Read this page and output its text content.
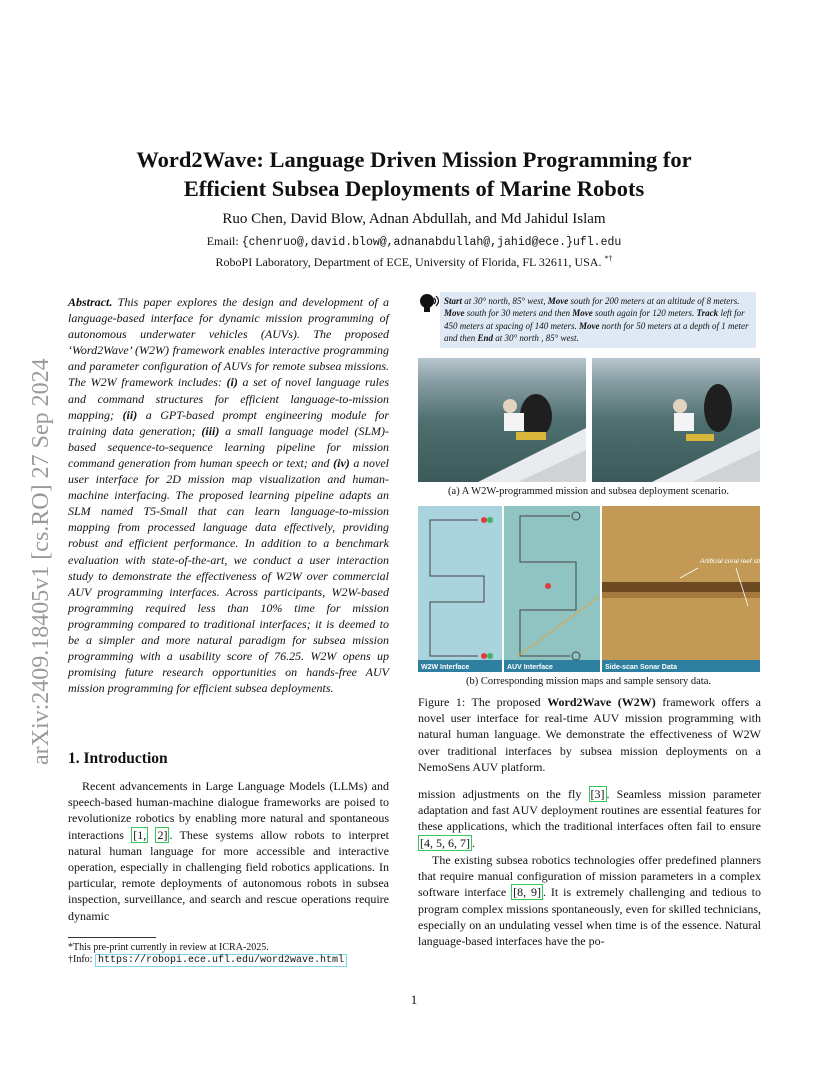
arXiv:2409.18405v1 [cs.RO] 27 Sep 2024
Word2Wave: Language Driven Mission Programming for
Efficient Subsea Deployments of Marine Robots
Ruo Chen, David Blow, Adnan Abdullah, and Md Jahidul Islam
Email: {chenruo@,david.blow@,adnanabdullah@,jahid@ece.}ufl.edu
RoboPI Laboratory, Department of ECE, University of Florida, FL 32611, USA. *†
Abstract. This paper explores the design and development of a language-based interface for dynamic mission programming of autonomous underwater vehicles (AUVs). The proposed ‘Word2Wave’ (W2W) framework enables interactive programming and parameter configuration of AUVs for remote subsea missions. The W2W framework includes: (i) a set of novel language rules and command structures for efficient language-to-mission mapping; (ii) a GPT-based prompt engineering module for training data generation; (iii) a small language model (SLM)-based sequence-to-sequence learning pipeline for mission command generation from human speech or text; and (iv) a novel user interface for 2D mission map visualization and human-machine interfacing. The proposed learning pipeline adapts an SLM named T5-Small that can learn language-to-mission mapping from processed language data effectively, providing robust and efficient performance. In addition to a benchmark evaluation with state-of-the-art, we conduct a user interaction study to demonstrate the effectiveness of W2W over commercial AUV programming interfaces. Across participants, W2W-based programming required less than 10% time for mission programming compared to traditional interfaces; it is deemed to be a simpler and more natural paradigm for subsea mission programming with a usability score of 76.25. W2W opens up promising future research opportunities on hands-free AUV mission programming for efficient subsea deployments.
1. Introduction
Recent advancements in Large Language Models (LLMs) and speech-based human-machine dialogue frameworks are poised to revolutionize robotics by enabling more natural and spontaneous interactions [1, 2] . These systems allow robots to interpret natural human language for more accessible and interactive operation, especially in challenging field robotics applications. In particular, remote deployments of autonomous robots in subsea inspection, surveillance, and search and rescue operations require dynamic
*This pre-print currently in review at ICRA-2025.
†Info: https://robopi.ece.ufl.edu/word2wave.html
Start at 30° north, 85° west, Move south for 200 meters at an altitude of 8 meters. Move south for 30 meters and then Move south again for 120 meters. Track left for 450 meters at spacing of 140 meters. Move north for 50 meters at a depth of 1 meter and then End at 30° north , 85° west.
(a) A W2W-programmed mission and subsea deployment scenario.
W2W Interface	AUV Interface
Artificial coral reef structures
Side-scan Sonar Data
(b) Corresponding mission maps and sample sensory data.
Figure 1: The proposed Word2Wave (W2W) framework offers a novel user interface for real-time AUV mission programming with natural human language. We demonstrate the effectiveness of W2W over traditional interfaces by subsea mission deployments on a NemoSens AUV platform.
mission adjustments on the fly [3] . Seamless mission parameter adaptation and fast AUV deployment routines are essential features for these applications, which the traditional interfaces often fail to ensure [4, 5, 6, 7] .
The existing subsea robotics technologies offer predefined planners that require manual configuration of mission parameters in a complex software interface [8, 9] . It is extremely challenging and tedious to program complex missions spontaneously, even for skilled technicians, especially on an undulating vessel when time is of the essence. Natural language-based interfaces have the po-
1
